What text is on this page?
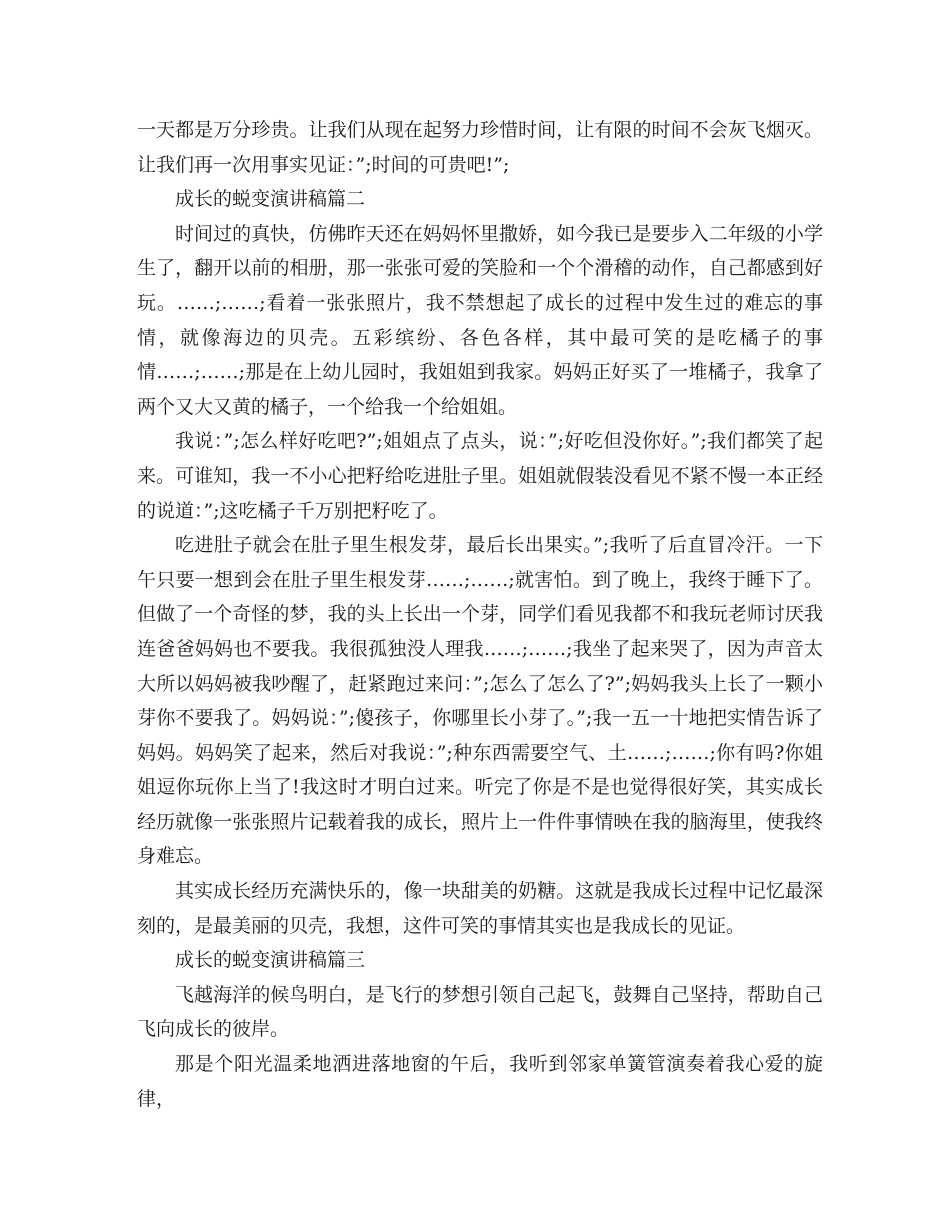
一天都是万分珍贵。让我们从现在起努力珍惜时间，让有限的时间不会灰飞烟灭。让我们再一次用事实见证：”;时间的可贵吧!”;

成长的蜕变演讲稿篇二

时间过的真快，仿佛昨天还在妈妈怀里撒娇，如今我已是要步入二年级的小学生了，翻开以前的相册，那一张张可爱的笑脸和一个个滑稽的动作，自己都感到好玩。……;……;看着一张张照片，我不禁想起了成长的过程中发生过的难忘的事情，就像海边的贝壳。五彩缤纷、各色各样，其中最可笑的是吃橘子的事情……;……;那是在上幼儿园时，我姐姐到我家。妈妈正好买了一堆橘子，我拿了两个又大又黄的橘子，一个给我一个给姐姐。

我说：”;怎么样好吃吧?”;姐姐点了点头，说：”;好吃但没你好。”;我们都笑了起来。可谁知，我一不小心把籽给吃进肚子里。姐姐就假装没看见不紧不慢一本正经的说道：”;这吃橘子千万别把籽吃了。

吃进肚子就会在肚子里生根发芽，最后长出果实。”;我听了后直冒冷汗。一下午只要一想到会在肚子里生根发芽……;……;就害怕。到了晚上，我终于睡下了。但做了一个奇怪的梦，我的头上长出一个芽，同学们看见我都不和我玩老师讨厌我连爸爸妈妈也不要我。我很孤独没人理我……;……;我坐了起来哭了，因为声音太大所以妈妈被我吵醒了，赶紧跑过来问：”;怎么了怎么了?”;妈妈我头上长了一颗小芽你不要我了。妈妈说：”;傻孩子，你哪里长小芽了。”;我一五一十地把实情告诉了妈妈。妈妈笑了起来，然后对我说：”;种东西需要空气、土……;……;你有吗?你姐姐逗你玩你上当了!我这时才明白过来。听完了你是不是也觉得很好笑，其实成长经历就像一张张照片记载着我的成长，照片上一件件事情映在我的脑海里，使我终身难忘。

其实成长经历充满快乐的，像一块甜美的奶糖。这就是我成长过程中记忆最深刻的，是最美丽的贝壳，我想，这件可笑的事情其实也是我成长的见证。

成长的蜕变演讲稿篇三

飞越海洋的候鸟明白，是飞行的梦想引领自己起飞，鼓舞自己坚持，帮助自己飞向成长的彼岸。

那是个阳光温柔地洒进落地窗的午后，我听到邻家单簧管演奏着我心爱的旋律，
